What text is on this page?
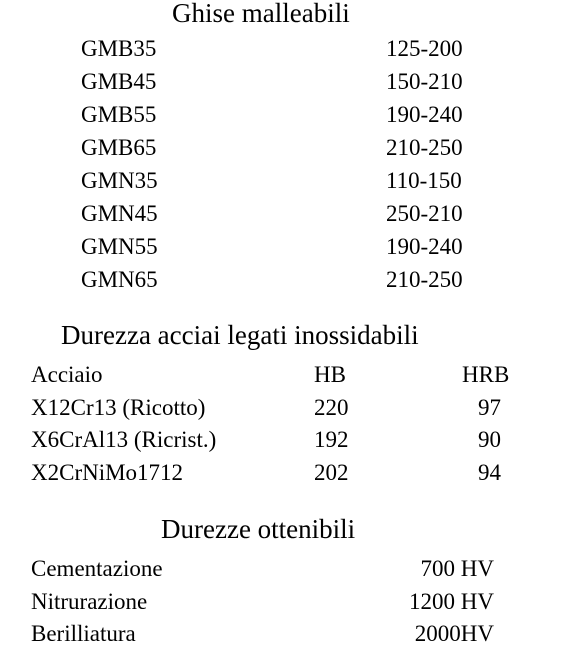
Ghise malleabili
GMB35	125-200
GMB45	150-210
GMB55	190-240
GMB65	210-250
GMN35	110-150
GMN45	250-210
GMN55	190-240
GMN65	210-250
Durezza acciai legati inossidabili
Acciaio	HB	HRB
X12Cr13 (Ricotto)	220	97
X6CrAl13 (Ricrist.)	192	90
X2CrNiMo1712	202	94
Durezze ottenibili
Cementazione	700 HV
Nitrurazione	1200 HV
Berilliatura	2000HV
